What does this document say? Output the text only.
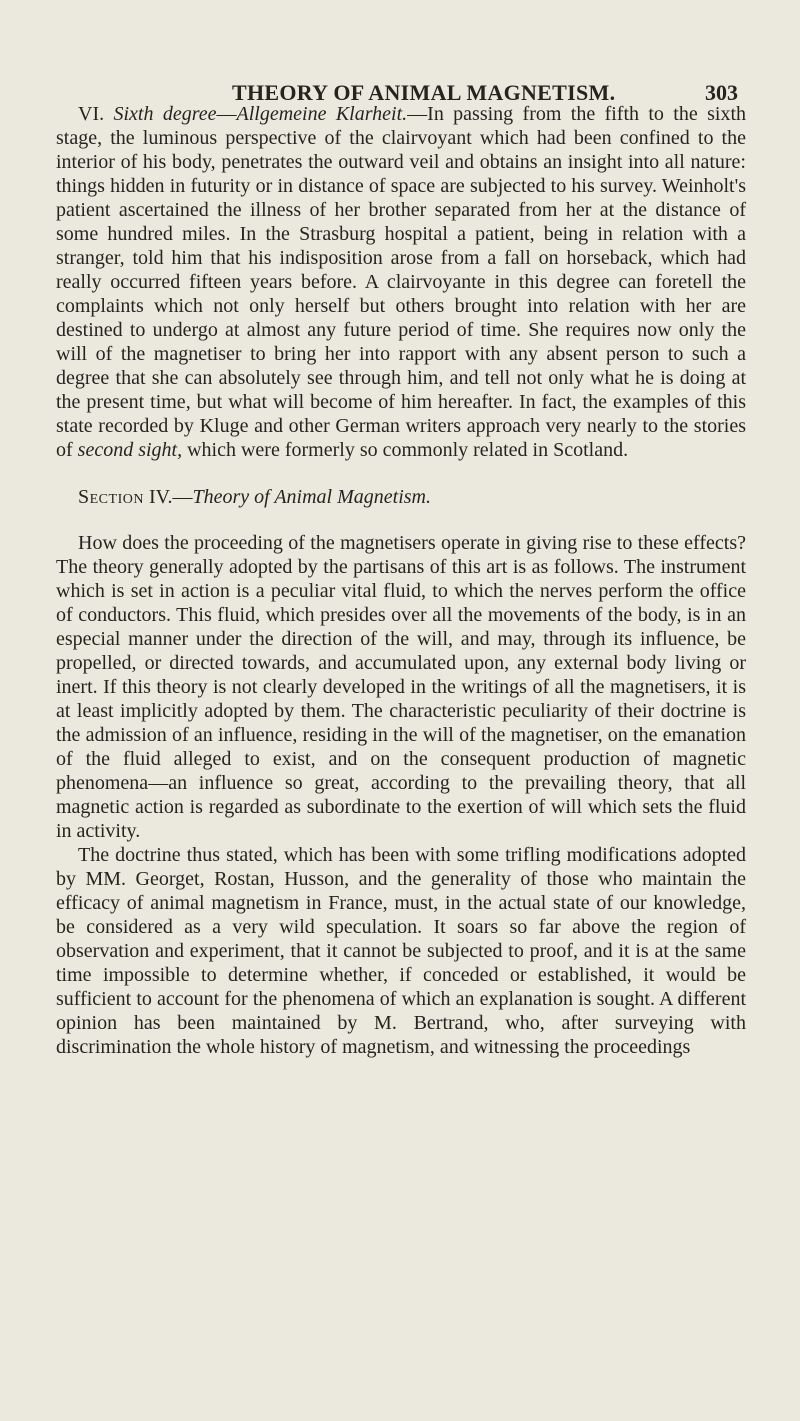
THEORY OF ANIMAL MAGNETISM.	303

VI. Sixth degree—Allgemeine Klarheit.—In passing from the fifth to the sixth stage, the luminous perspective of the clairvoyant which had been confined to the interior of his body, penetrates the outward veil and obtains an insight into all nature: things hidden in futurity or in distance of space are subjected to his survey. Weinholt's patient ascertained the illness of her brother separated from her at the distance of some hundred miles. In the Strasburg hospital a patient, being in relation with a stranger, told him that his indisposition arose from a fall on horseback, which had really occurred fifteen years before. A clairvoyante in this degree can foretell the complaints which not only herself but others brought into relation with her are destined to undergo at almost any future period of time. She requires now only the will of the magnetiser to bring her into rapport with any absent person to such a degree that she can absolutely see through him, and tell not only what he is doing at the present time, but what will become of him hereafter. In fact, the examples of this state recorded by Kluge and other German writers approach very nearly to the stories of second sight, which were formerly so commonly related in Scotland.

Section IV.—Theory of Animal Magnetism.

How does the proceeding of the magnetisers operate in giving rise to these effects? The theory generally adopted by the partisans of this art is as follows. The instrument which is set in action is a peculiar vital fluid, to which the nerves perform the office of conductors. This fluid, which presides over all the movements of the body, is in an especial manner under the direction of the will, and may, through its influence, be propelled, or directed towards, and accumulated upon, any external body living or inert. If this theory is not clearly developed in the writings of all the magnetisers, it is at least implicitly adopted by them. The characteristic peculiarity of their doctrine is the admission of an influence, residing in the will of the magnetiser, on the emanation of the fluid alleged to exist, and on the consequent production of magnetic phenomena—an influence so great, according to the prevailing theory, that all magnetic action is regarded as subordinate to the exertion of will which sets the fluid in activity.

The doctrine thus stated, which has been with some trifling modifications adopted by MM. Georget, Rostan, Husson, and the generality of those who maintain the efficacy of animal magnetism in France, must, in the actual state of our knowledge, be considered as a very wild speculation. It soars so far above the region of observation and experiment, that it cannot be subjected to proof, and it is at the same time impossible to determine whether, if conceded or established, it would be sufficient to account for the phenomena of which an explanation is sought. A different opinion has been maintained by M. Bertrand, who, after surveying with discrimination the whole history of magnetism, and witnessing the proceedings
